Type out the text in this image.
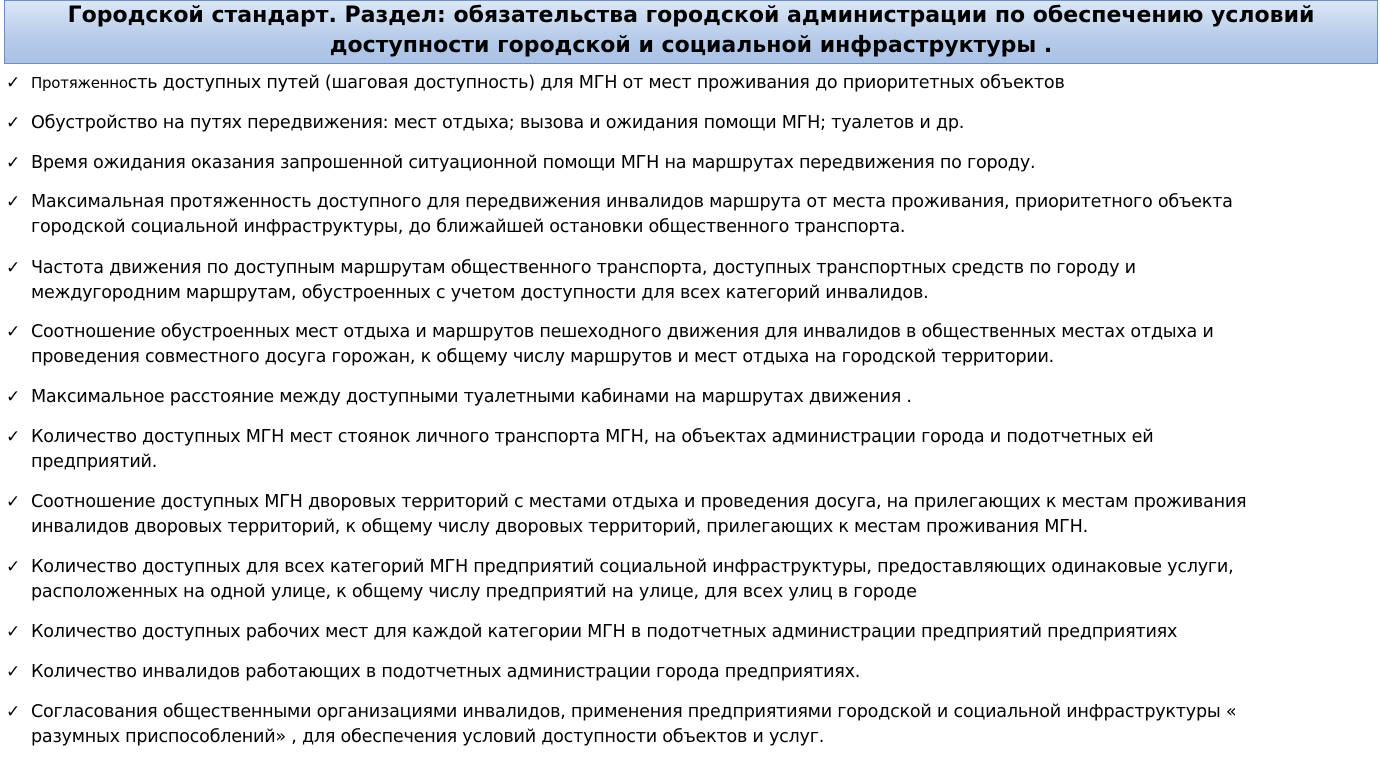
Городской стандарт. Раздел: обязательства городской администрации по обеспечению условий
доступности городской и социальной инфраструктуры .
✓ Протяженность доступных путей (шаговая доступность) для МГН от мест проживания до приоритетных объектов
✓ Обустройство на путях передвижения: мест отдыха; вызова и ожидания помощи МГН; туалетов и др.
✓ Время ожидания оказания запрошенной ситуационной помощи МГН на маршрутах передвижения по городу.
✓ Максимальная протяженность доступного для передвижения инвалидов маршрута от места проживания, приоритетного объекта
городской социальной инфраструктуры, до ближайшей остановки общественного транспорта.
✓ Частота движения по доступным маршрутам общественного транспорта, доступных транспортных средств по городу и
междугородним маршрутам, обустроенных с учетом доступности для всех категорий инвалидов.
✓ Соотношение обустроенных мест отдыха и маршрутов пешеходного движения для инвалидов в общественных местах отдыха и
проведения совместного досуга горожан, к общему числу маршрутов и мест отдыха на городской территории.
✓ Максимальное расстояние между доступными туалетными кабинами на маршрутах движения .
✓ Количество доступных МГН мест стоянок личного транспорта МГН, на объектах администрации города и подотчетных ей
предприятий.
✓ Соотношение доступных МГН дворовых территорий с местами отдыха и проведения досуга, на прилегающих к местам проживания
инвалидов дворовых территорий, к общему числу дворовых территорий, прилегающих к местам проживания МГН.
✓ Количество доступных для всех категорий МГН предприятий социальной инфраструктуры, предоставляющих одинаковые услуги,
расположенных на одной улице, к общему числу предприятий на улице, для всех улиц в городе
✓ Количество доступных рабочих мест для каждой категории МГН в подотчетных администрации предприятий предприятиях
✓ Количество инвалидов работающих в подотчетных администрации города предприятиях.
✓ Согласования общественными организациями инвалидов, применения предприятиями городской и социальной инфраструктуры «
разумных приспособлений» , для обеспечения условий доступности объектов и услуг.
